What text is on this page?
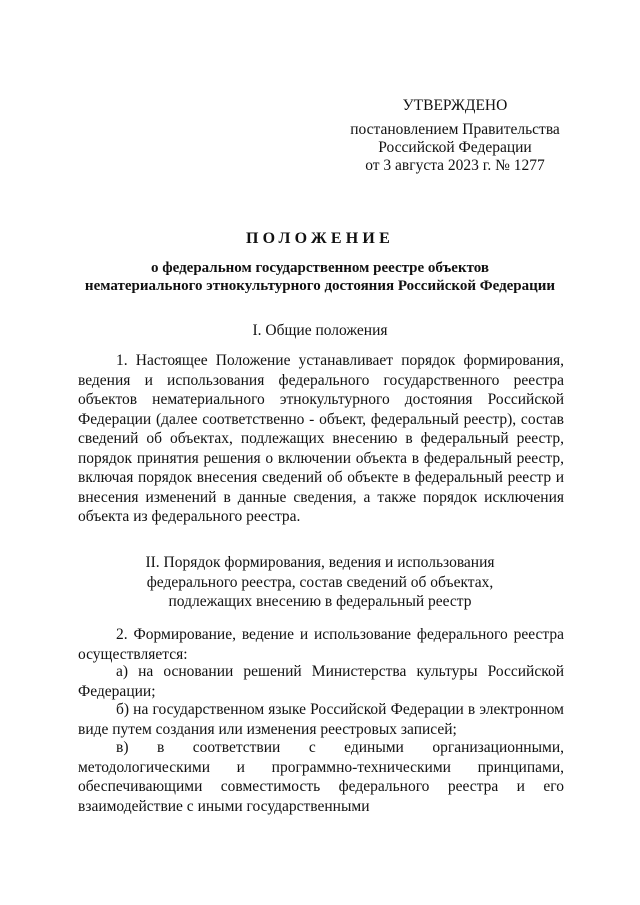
УТВЕРЖДЕНО
постановлением Правительства
Российской Федерации
от 3 августа 2023 г. № 1277
ПОЛОЖЕНИЕ
о федеральном государственном реестре объектов
нематериального этнокультурного достояния Российской Федерации
I. Общие положения

1. Настоящее Положение устанавливает порядок формирования, ведения и использования федерального государственного реестра объектов нематериального этнокультурного достояния Российской Федерации (далее соответственно - объект, федеральный реестр), состав сведений об объектах, подлежащих внесению в федеральный реестр, порядок принятия решения о включении объекта в федеральный реестр, включая порядок внесения сведений об объекте в федеральный реестр и внесения изменений в данные сведения, а также порядок исключения объекта из федерального реестра.

II. Порядок формирования, ведения и использования
федерального реестра, состав сведений об объектах,
подлежащих внесению в федеральный реестр

2. Формирование, ведение и использование федерального реестра осуществляется:

а) на основании решений Министерства культуры Российской Федерации;

б) на государственном языке Российской Федерации в электронном виде путем создания или изменения реестровых записей;

в) в соответствии с едиными организационными, методологическими и программно-техническими принципами, обеспечивающими совместимость федерального реестра и его взаимодействие с иными государственными
